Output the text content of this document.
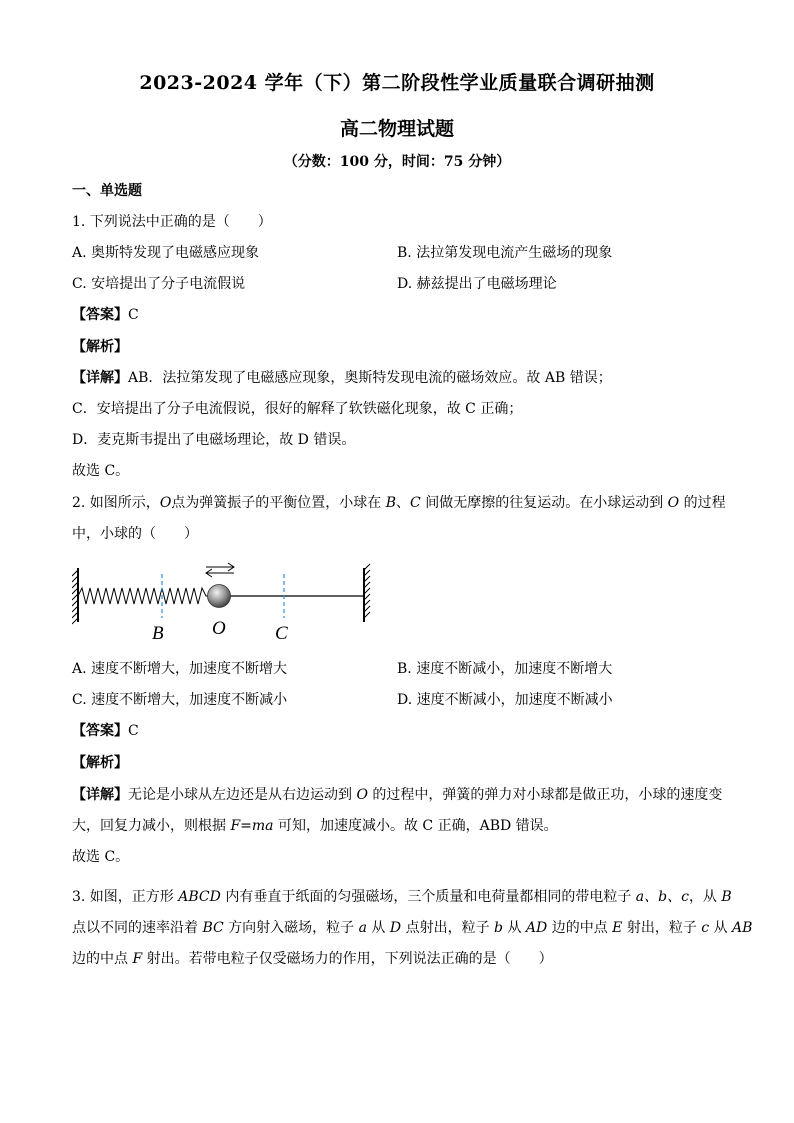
2023-2024 学年（下）第二阶段性学业质量联合调研抽测
高二物理试题
（分数：100 分，时间：75 分钟）
一、单选题
1. 下列说法中正确的是（　　）
A. 奥斯特发现了电磁感应现象	B. 法拉第发现电流产生磁场的现象
C. 安培提出了分子电流假说	D. 赫兹提出了电磁场理论
【答案】C
【解析】
【详解】AB．法拉第发现了电磁感应现象，奥斯特发现电流的磁场效应。故 AB 错误；
C．安培提出了分子电流假说，很好的解释了软铁磁化现象，故 C 正确；
D．麦克斯韦提出了电磁场理论，故 D 错误。
故选 C。
2. 如图所示，O点为弹簧振子的平衡位置，小球在 B、C 间做无摩擦的往复运动。在小球运动到 O 的过程
中，小球的（　　）
B	O	C
A. 速度不断增大，加速度不断增大	B. 速度不断减小，加速度不断增大
C. 速度不断增大，加速度不断减小	D. 速度不断减小，加速度不断减小
【答案】C
【解析】
【详解】无论是小球从左边还是从右边运动到 O 的过程中，弹簧的弹力对小球都是做正功，小球的速度变
大，回复力减小，则根据 F=ma 可知，加速度减小。故 C 正确，ABD 错误。
故选 C。
3. 如图，正方形 ABCD 内有垂直于纸面的匀强磁场，三个质量和电荷量都相同的带电粒子 a、b、c，从 B
点以不同的速率沿着 BC 方向射入磁场，粒子 a 从 D 点射出，粒子 b 从 AD 边的中点 E 射出，粒子 c 从 AB
边的中点 F 射出。若带电粒子仅受磁场力的作用，下列说法正确的是（　　）
